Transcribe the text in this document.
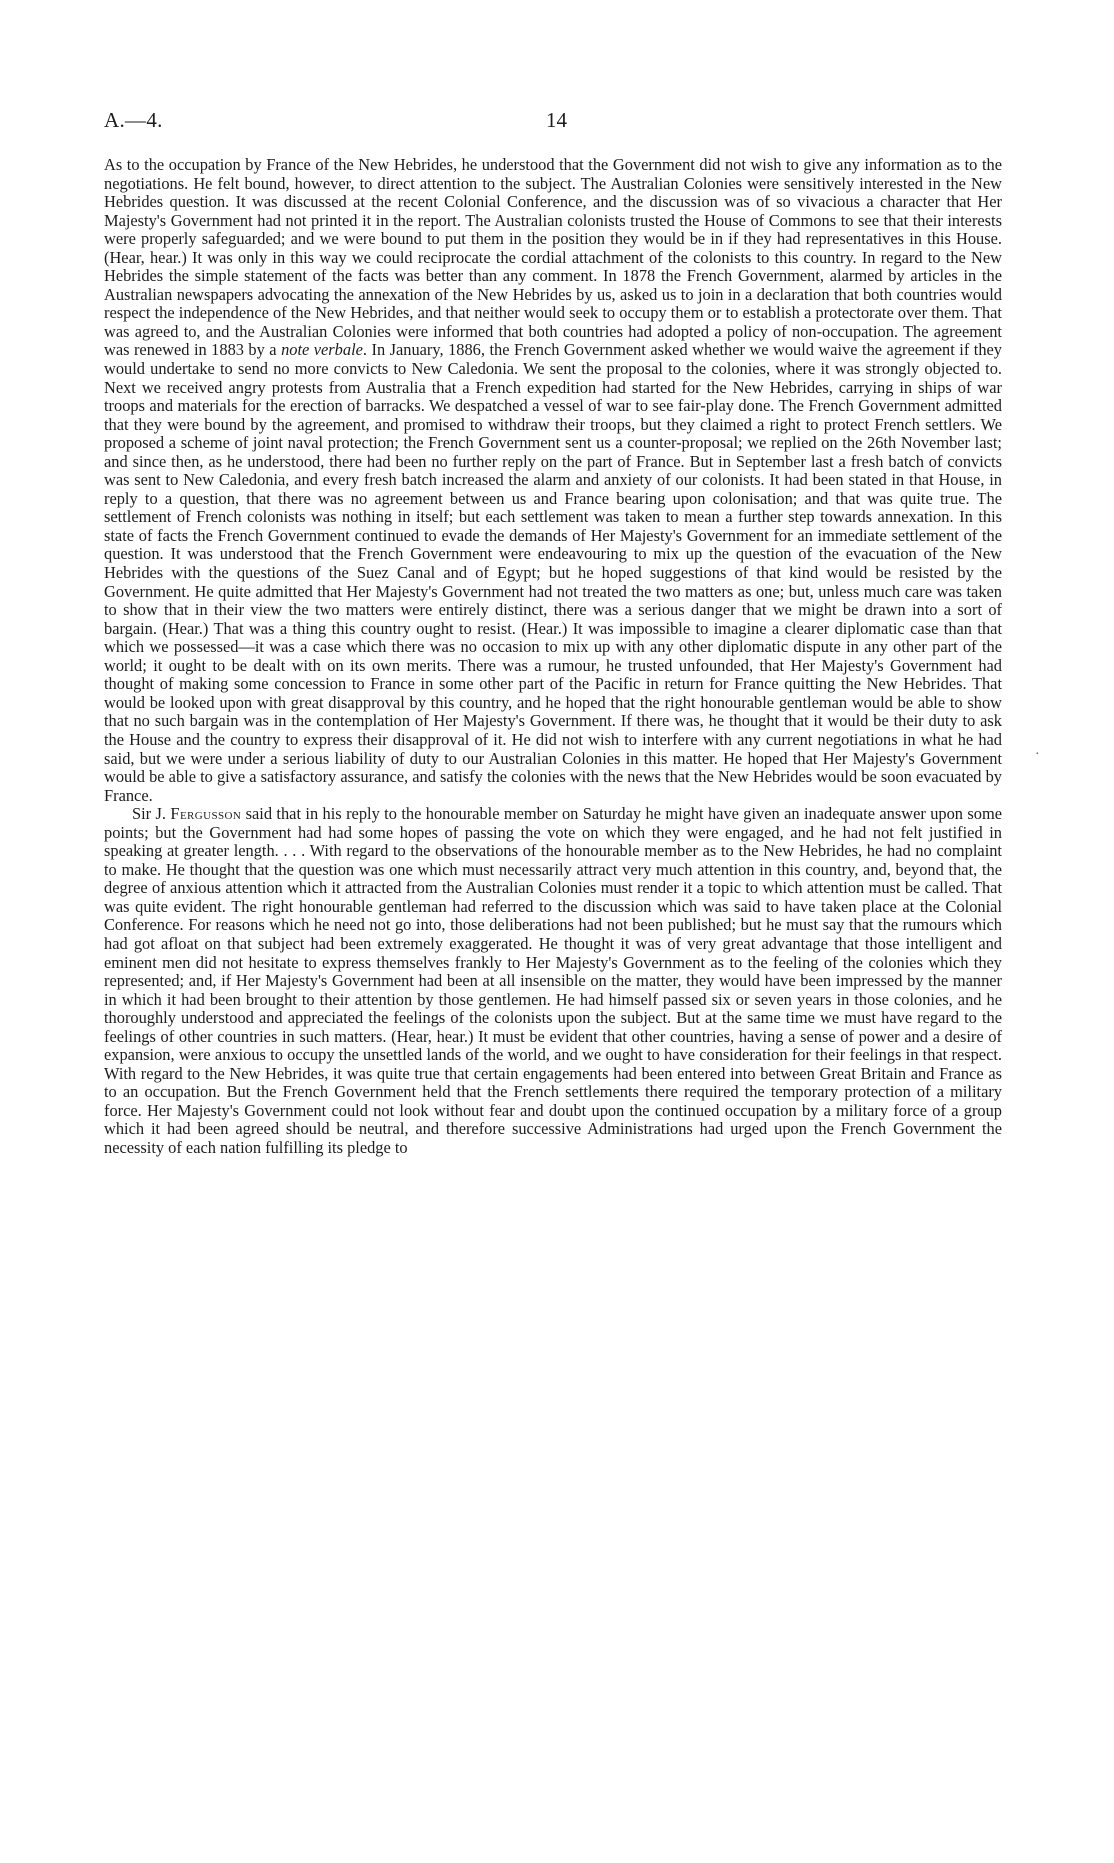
A.—4.	14
·

As to the occupation by France of the New Hebrides, he understood that the Government did not wish to give any information as to the negotiations. He felt bound, however, to direct attention to the subject. The Australian Colonies were sensitively interested in the New Hebrides question. It was discussed at the recent Colonial Conference, and the discussion was of so vivacious a character that Her Majesty's Government had not printed it in the report. The Australian colonists trusted the House of Commons to see that their interests were properly safeguarded; and we were bound to put them in the position they would be in if they had representatives in this House. (Hear, hear.) It was only in this way we could reciprocate the cordial attachment of the colonists to this country. In regard to the New Hebrides the simple statement of the facts was better than any comment. In 1878 the French Government, alarmed by articles in the Australian newspapers advocating the annexation of the New Hebrides by us, asked us to join in a declaration that both countries would respect the independence of the New Hebrides, and that neither would seek to occupy them or to establish a protectorate over them. That was agreed to, and the Australian Colonies were informed that both countries had adopted a policy of non-occupation. The agreement was renewed in 1883 by a note verbale. In January, 1886, the French Government asked whether we would waive the agreement if they would undertake to send no more convicts to New Caledonia. We sent the proposal to the colonies, where it was strongly objected to. Next we received angry protests from Australia that a French expedition had started for the New Hebrides, carrying in ships of war troops and materials for the erection of barracks. We despatched a vessel of war to see fair-play done. The French Government admitted that they were bound by the agreement, and promised to withdraw their troops, but they claimed a right to protect French settlers. We proposed a scheme of joint naval protection; the French Government sent us a counter-proposal; we replied on the 26th November last; and since then, as he understood, there had been no further reply on the part of France. But in September last a fresh batch of convicts was sent to New Caledonia, and every fresh batch increased the alarm and anxiety of our colonists. It had been stated in that House, in reply to a question, that there was no agreement between us and France bearing upon colonisation; and that was quite true. The settlement of French colonists was nothing in itself; but each settlement was taken to mean a further step towards annexation. In this state of facts the French Government continued to evade the demands of Her Majesty's Government for an immediate settlement of the question. It was understood that the French Government were endeavouring to mix up the question of the evacuation of the New Hebrides with the questions of the Suez Canal and of Egypt; but he hoped suggestions of that kind would be resisted by the Government. He quite admitted that Her Majesty's Government had not treated the two matters as one; but, unless much care was taken to show that in their view the two matters were entirely distinct, there was a serious danger that we might be drawn into a sort of bargain. (Hear.) That was a thing this country ought to resist. (Hear.) It was impossible to imagine a clearer diplomatic case than that which we possessed—it was a case which there was no occasion to mix up with any other diplomatic dispute in any other part of the world; it ought to be dealt with on its own merits. There was a rumour, he trusted unfounded, that Her Majesty's Government had thought of making some concession to France in some other part of the Pacific in return for France quitting the New Hebrides. That would be looked upon with great disapproval by this country, and he hoped that the right honourable gentleman would be able to show that no such bargain was in the contemplation of Her Majesty's Government. If there was, he thought that it would be their duty to ask the House and the country to express their disapproval of it. He did not wish to interfere with any current negotiations in what he had said, but we were under a serious liability of duty to our Australian Colonies in this matter. He hoped that Her Majesty's Government would be able to give a satisfactory assurance, and satisfy the colonies with the news that the New Hebrides would be soon evacuated by France.

Sir J. Fergusson said that in his reply to the honourable member on Saturday he might have given an inadequate answer upon some points; but the Government had had some hopes of passing the vote on which they were engaged, and he had not felt justified in speaking at greater length. . . . With regard to the observations of the honourable member as to the New Hebrides, he had no complaint to make. He thought that the question was one which must necessarily attract very much attention in this country, and, beyond that, the degree of anxious attention which it attracted from the Australian Colonies must render it a topic to which attention must be called. That was quite evident. The right honourable gentleman had referred to the discussion which was said to have taken place at the Colonial Conference. For reasons which he need not go into, those deliberations had not been published; but he must say that the rumours which had got afloat on that subject had been extremely exaggerated. He thought it was of very great advantage that those intelligent and eminent men did not hesitate to express themselves frankly to Her Majesty's Government as to the feeling of the colonies which they represented; and, if Her Majesty's Government had been at all insensible on the matter, they would have been impressed by the manner in which it had been brought to their attention by those gentlemen. He had himself passed six or seven years in those colonies, and he thoroughly understood and appreciated the feelings of the colonists upon the subject. But at the same time we must have regard to the feelings of other countries in such matters. (Hear, hear.) It must be evident that other countries, having a sense of power and a desire of expansion, were anxious to occupy the unsettled lands of the world, and we ought to have consideration for their feelings in that respect. With regard to the New Hebrides, it was quite true that certain engagements had been entered into between Great Britain and France as to an occupation. But the French Government held that the French settlements there required the temporary protection of a military force. Her Majesty's Government could not look without fear and doubt upon the continued occupation by a military force of a group which it had been agreed should be neutral, and therefore successive Administrations had urged upon the French Government the necessity of each nation fulfilling its pledge to
